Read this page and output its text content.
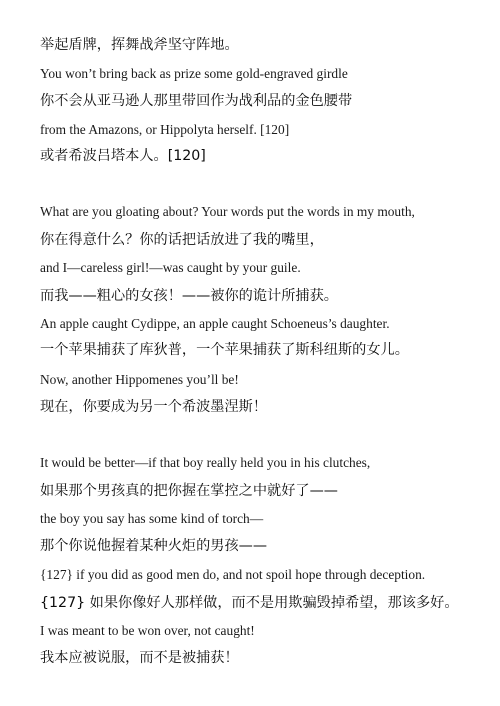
举起盾牌，挥舞战斧坚守阵地。
You won’t bring back as prize some gold-engraved girdle
你不会从亚马逊人那里带回作为战利品的金色腰带
from the Amazons, or Hippolyta herself. [120]
或者希波吕塔本人。[120]
What are you gloating about? Your words put the words in my mouth,
你在得意什么？你的话把话放进了我的嘴里，
and I—careless girl!—was caught by your guile.
而我——粗心的女孩！——被你的诡计所捕获。
An apple caught Cydippe, an apple caught Schoeneus’s daughter.
一个苹果捕获了库狄普，一个苹果捕获了斯科纽斯的女儿。
Now, another Hippomenes you’ll be!
现在，你要成为另一个希波墨涅斯！
It would be better—if that boy really held you in his clutches,
如果那个男孩真的把你握在掌控之中就好了——
the boy you say has some kind of torch—
那个你说他握着某种火炬的男孩——
{127} if you did as good men do, and not spoil hope through deception.
{127} 如果你像好人那样做，而不是用欺骗毁掉希望，那该多好。
I was meant to be won over, not caught!
我本应被说服，而不是被捕获！
